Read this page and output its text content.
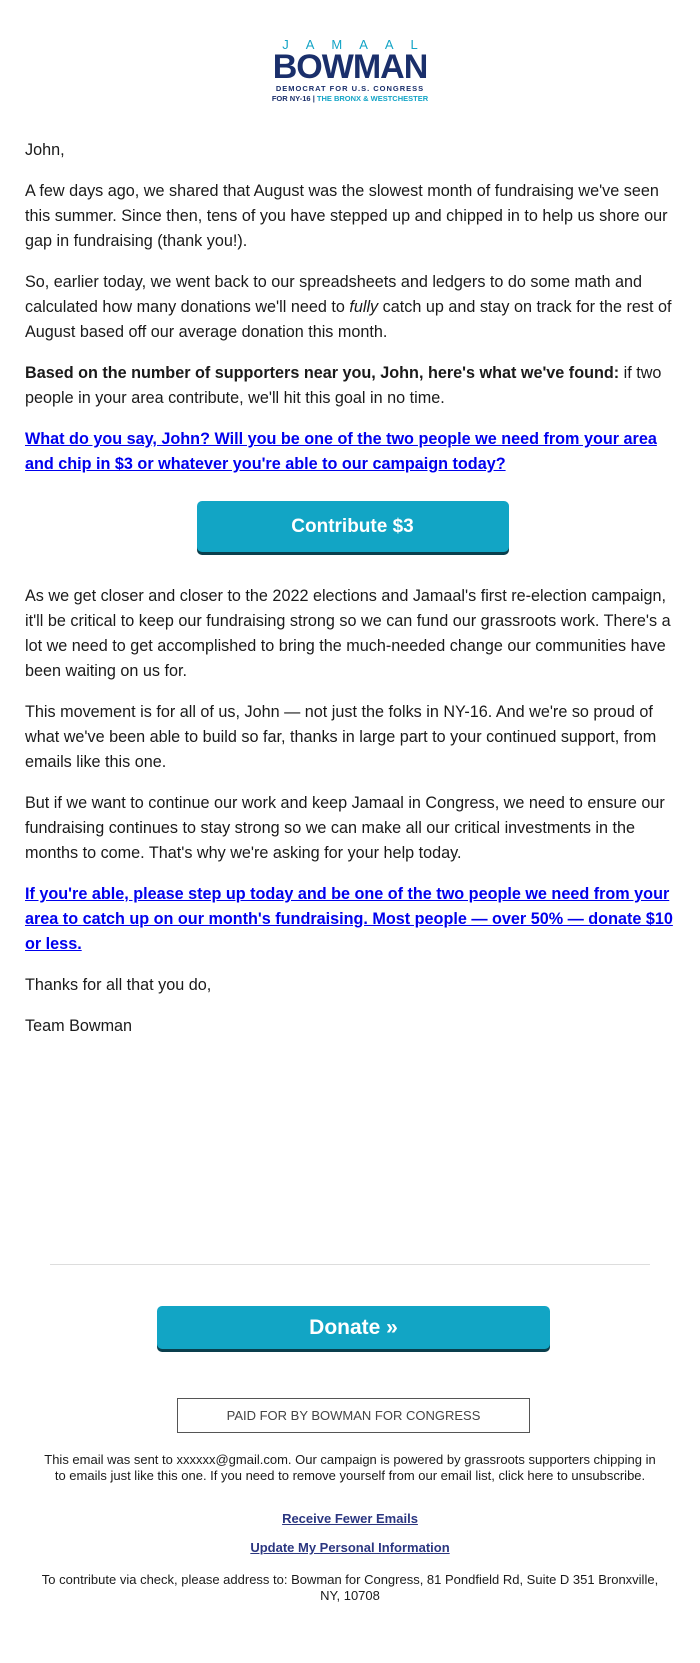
JAMAAL
BOWMAN
DEMOCRAT FOR U.S. CONGRESS
FOR NY-16 | THE BRONX & WESTCHESTER

John,

A few days ago, we shared that August was the slowest month of fundraising we've seen this summer. Since then, tens of you have stepped up and chipped in to help us shore our gap in fundraising (thank you!).

So, earlier today, we went back to our spreadsheets and ledgers to do some math and calculated how many donations we'll need to fully catch up and stay on track for the rest of August based off our average donation this month.

Based on the number of supporters near you, John, here's what we've found: if two people in your area contribute, we'll hit this goal in no time.

What do you say, John? Will you be one of the two people we need from your area and chip in $3 or whatever you're able to our campaign today?

Contribute $3

As we get closer and closer to the 2022 elections and Jamaal's first re-election campaign, it'll be critical to keep our fundraising strong so we can fund our grassroots work. There's a lot we need to get accomplished to bring the much-needed change our communities have been waiting on us for.

This movement is for all of us, John — not just the folks in NY-16. And we're so proud of what we've been able to build so far, thanks in large part to your continued support, from emails like this one.

But if we want to continue our work and keep Jamaal in Congress, we need to ensure our fundraising continues to stay strong so we can make all our critical investments in the months to come. That's why we're asking for your help today.

If you're able, please step up today and be one of the two people we need from your area to catch up on our month's fundraising. Most people — over 50% — donate $10 or less.

Thanks for all that you do,

Team Bowman

Donate »
PAID FOR BY BOWMAN FOR CONGRESS
This email was sent to xxxxxx@gmail.com. Our campaign is powered by grassroots supporters chipping in to emails just like this one. If you need to remove yourself from our email list, click here to unsubscribe.
Receive Fewer Emails
Update My Personal Information
To contribute via check, please address to: Bowman for Congress, 81 Pondfield Rd, Suite D 351 Bronxville, NY, 10708
